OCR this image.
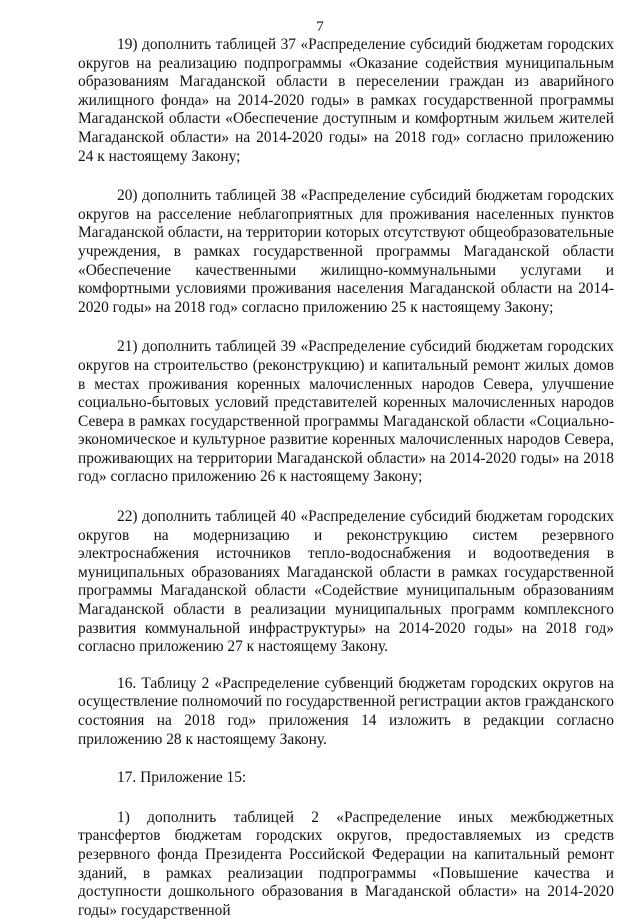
7

19) дополнить таблицей 37 «Распределение субсидий бюджетам городских округов на реализацию подпрограммы «Оказание содействия муниципальным образованиям Магаданской области в переселении граждан из аварийного жилищного фонда» на 2014-2020 годы» в рамках государственной программы Магаданской области «Обеспечение доступным и комфортным жильем жителей Магаданской области» на 2014-2020 годы» на 2018 год» согласно приложению 24 к настоящему Закону;

20) дополнить таблицей 38 «Распределение субсидий бюджетам городских округов на расселение неблагоприятных для проживания населенных пунктов Магаданской области, на территории которых отсутствуют общеобразовательные учреждения, в рамках государственной программы Магаданской области «Обеспечение качественными жилищно-коммунальными услугами и комфортными условиями проживания населения Магаданской области на 2014-2020 годы» на 2018 год» согласно приложению 25 к настоящему Закону;

21) дополнить таблицей 39 «Распределение субсидий бюджетам городских округов на строительство (реконструкцию) и капитальный ремонт жилых домов в местах проживания коренных малочисленных народов Севера, улучшение социально-бытовых условий представителей коренных малочисленных народов Севера в рамках государственной программы Магаданской области «Социально-экономическое и культурное развитие коренных малочисленных народов Севера, проживающих на территории Магаданской области» на 2014-2020 годы» на 2018 год» согласно приложению 26 к настоящему Закону;

22) дополнить таблицей 40 «Распределение субсидий бюджетам городских округов на модернизацию и реконструкцию систем резервного электроснабжения источников тепло-водоснабжения и водоотведения в муниципальных образованиях Магаданской области в рамках государственной программы Магаданской области «Содействие муниципальным образованиям Магаданской области в реализации муниципальных программ комплексного развития коммунальной инфраструктуры» на 2014-2020 годы» на 2018 год» согласно приложению 27 к настоящему Закону.

16. Таблицу 2 «Распределение субвенций бюджетам городских округов на осуществление полномочий по государственной регистрации актов гражданского состояния на 2018 год» приложения 14 изложить в редакции согласно приложению 28 к настоящему Закону.

17. Приложение 15:

1) дополнить таблицей 2 «Распределение иных межбюджетных трансфертов бюджетам городских округов, предоставляемых из средств резервного фонда Президента Российской Федерации на капитальный ремонт зданий, в рамках реализации подпрограммы «Повышение качества и доступности дошкольного образования в Магаданской области» на 2014-2020 годы» государственной
